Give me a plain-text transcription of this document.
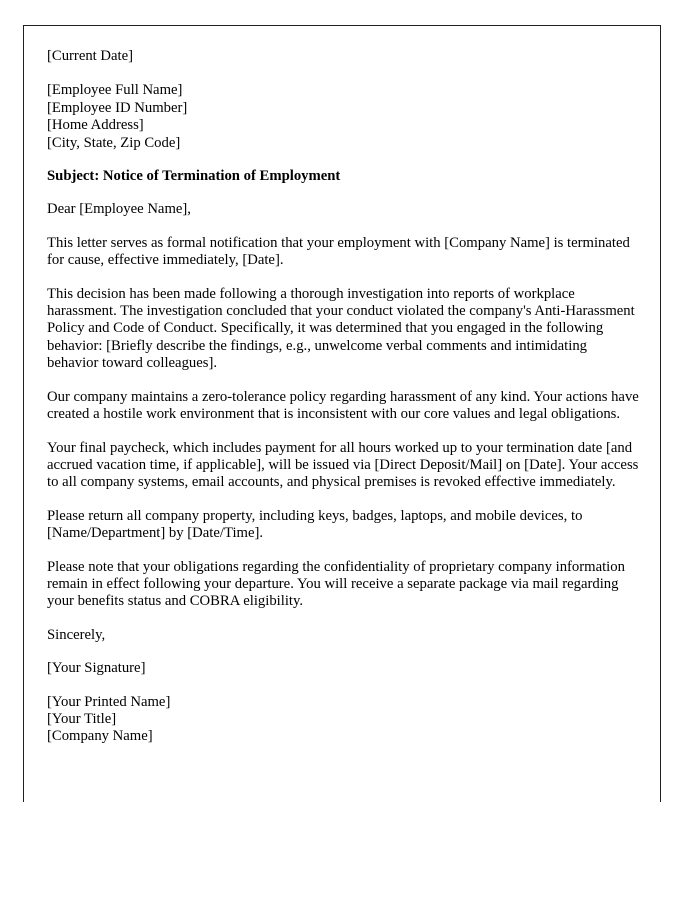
[Current Date]
[Employee Full Name]
[Employee ID Number]
[Home Address]
[City, State, Zip Code]
Subject: Notice of Termination of Employment
Dear [Employee Name],

This letter serves as formal notification that your employment with [Company Name] is terminated for cause, effective immediately, [Date].

This decision has been made following a thorough investigation into reports of workplace harassment. The investigation concluded that your conduct violated the company's Anti-Harassment Policy and Code of Conduct. Specifically, it was determined that you engaged in the following behavior: [Briefly describe the findings, e.g., unwelcome verbal comments and intimidating behavior toward colleagues].

Our company maintains a zero-tolerance policy regarding harassment of any kind. Your actions have created a hostile work environment that is inconsistent with our core values and legal obligations.

Your final paycheck, which includes payment for all hours worked up to your termination date [and accrued vacation time, if applicable], will be issued via [Direct Deposit/Mail] on [Date]. Your access to all company systems, email accounts, and physical premises is revoked effective immediately.

Please return all company property, including keys, badges, laptops, and mobile devices, to [Name/Department] by [Date/Time].

Please note that your obligations regarding the confidentiality of proprietary company information remain in effect following your departure. You will receive a separate package via mail regarding your benefits status and COBRA eligibility.

Sincerely,
[Your Signature]
[Your Printed Name]
[Your Title]
[Company Name]
